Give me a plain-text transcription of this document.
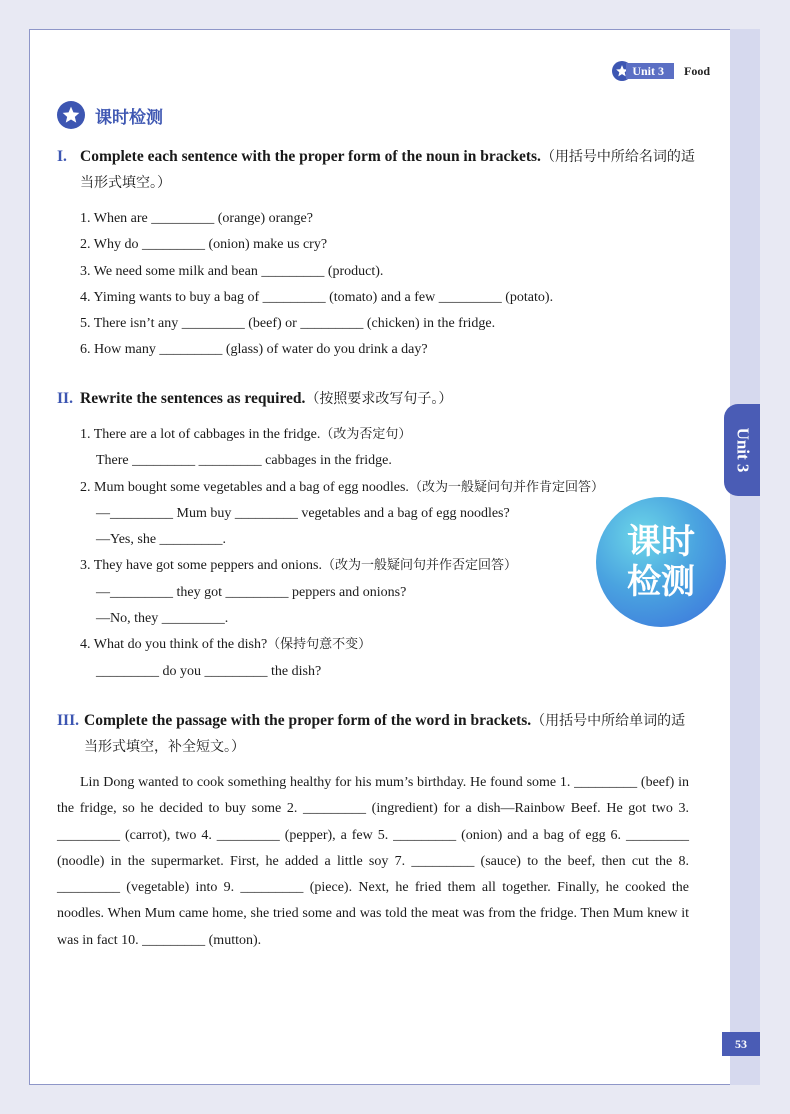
Unit 3
Unit 3	Food
课时检测
I. Complete each sentence with the proper form of the noun in brackets.（用括号中所给名词的适当形式填空。）
1. When are _________ (orange) orange?
2. Why do _________ (onion) make us cry?
3. We need some milk and bean _________ (product).
4. Yiming wants to buy a bag of _________ (tomato) and a few _________ (potato).
5. There isn’t any _________ (beef) or _________ (chicken) in the fridge.
6. How many _________ (glass) of water do you drink a day?
II. Rewrite the sentences as required.（按照要求改写句子。）
1. There are a lot of cabbages in the fridge.（改为否定句）
There _________ _________ cabbages in the fridge.
2. Mum bought some vegetables and a bag of egg noodles.（改为一般疑问句并作肯定回答）
—_________ Mum buy _________ vegetables and a bag of egg noodles?
—Yes, she _________.
3. They have got some peppers and onions.（改为一般疑问句并作否定回答）
—_________ they got _________ peppers and onions?
—No, they _________.
4. What do you think of the dish?（保持句意不变）
_________ do you _________ the dish?
III. Complete the passage with the proper form of the word in brackets.（用括号中所给单词的适当形式填空，补全短文。）
Lin Dong wanted to cook something healthy for his mum’s birthday. He found some 1. _________ (beef) in the fridge, so he decided to buy some 2. _________ (ingredient) for a dish—Rainbow Beef. He got two 3. _________ (carrot), two 4. _________ (pepper), a few 5. _________ (onion) and a bag of egg 6. _________ (noodle) in the supermarket. First, he added a little soy 7. _________ (sauce) to the beef, then cut the 8. _________ (vegetable) into 9. _________ (piece). Next, he fried them all together. Finally, he cooked the noodles. When Mum came home, she tried some and was told the meat was from the fridge. Then Mum knew it was in fact 10. _________ (mutton).
课时
检测
53
